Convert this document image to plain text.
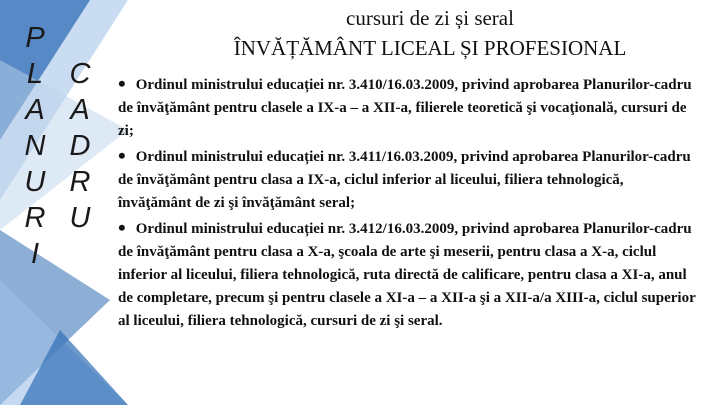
P
L
A
N
U
R
I
C
A
D
R
U
cursuri de zi și seral
ÎNVĂȚĂMÂNT LICEAL ȘI PROFESIONAL
• Ordinul ministrului educației nr. 3.410/16.03.2009, privind aprobarea Planurilor-cadru de învăţământ pentru clasele a IX-a – a XII-a, filierele teoretică şi vocaţională, cursuri de zi;
• Ordinul ministrului educației nr. 3.411/16.03.2009, privind aprobarea Planurilor-cadru de învăţământ pentru clasa a IX-a, ciclul inferior al liceului, filiera tehnologică, învăţământ de zi şi învăţământ seral;
• Ordinul ministrului educației nr. 3.412/16.03.2009, privind aprobarea Planurilor-cadru de învăţământ pentru clasa a X-a, şcoala de arte şi meserii, pentru clasa a X-a, ciclul inferior al liceului, filiera tehnologică, ruta directă de calificare, pentru clasa a XI-a, anul de completare, precum şi pentru clasele a XI-a – a XII-a şi a XII-a/a XIII-a, ciclul superior al liceului, filiera tehnologică, cursuri de zi şi seral.
